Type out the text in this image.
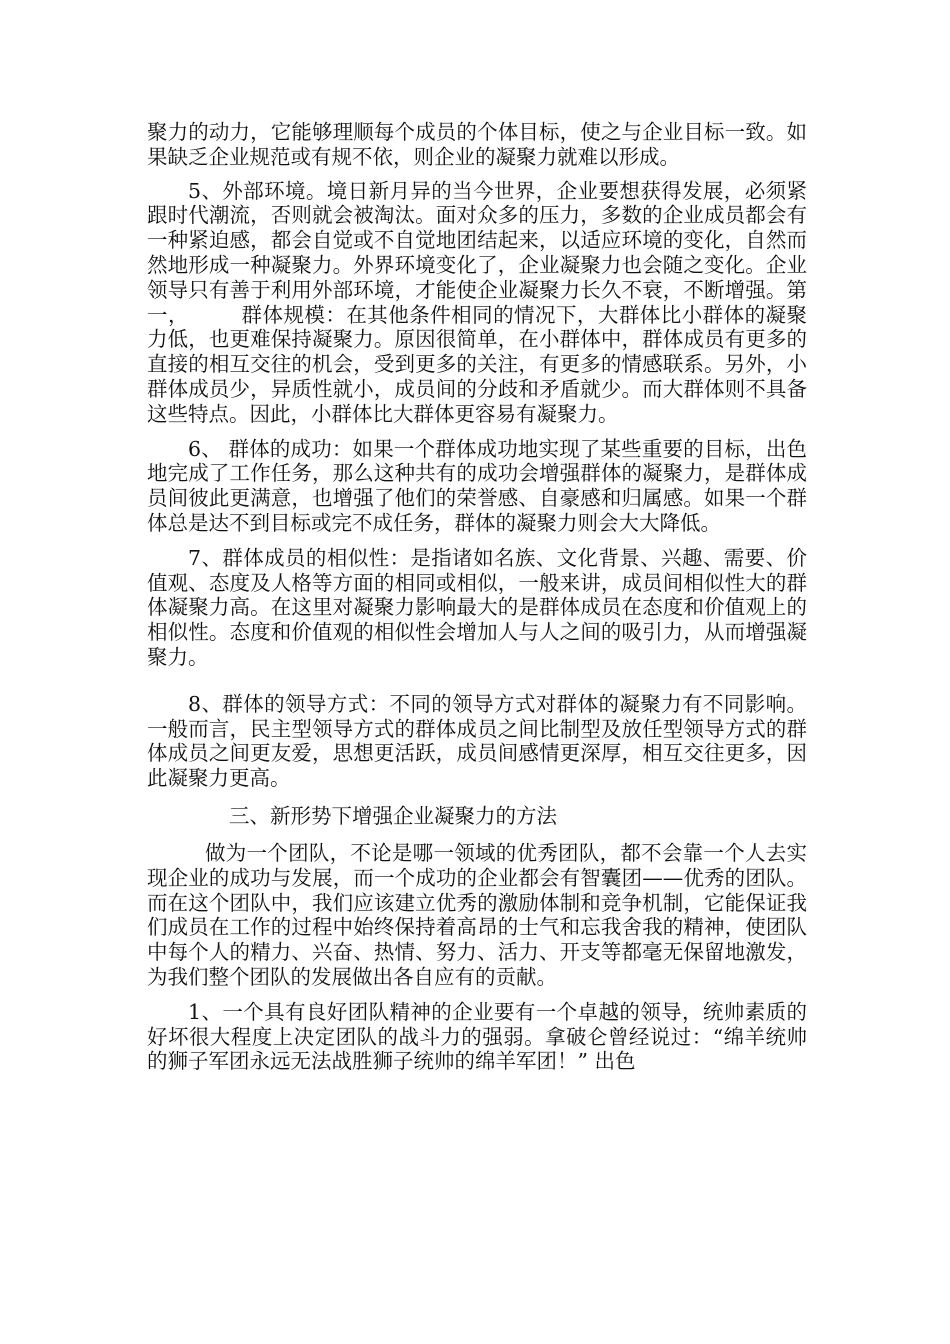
聚力的动力，它能够理顺每个成员的个体目标，使之与企业目标一致。如果缺乏企业规范或有规不依，则企业的凝聚力就难以形成。

5、外部环境。境日新月异的当今世界，企业要想获得发展，必须紧跟时代潮流，否则就会被淘汰。面对众多的压力，多数的企业成员都会有一种紧迫感，都会自觉或不自觉地团结起来，以适应环境的变化，自然而然地形成一种凝聚力。外界环境变化了，企业凝聚力也会随之变化。企业领导只有善于利用外部环境，才能使企业凝聚力长久不衰，不断增强。第一，　　　群体规模：在其他条件相同的情况下，大群体比小群体的凝聚力低，也更难保持凝聚力。原因很简单，在小群体中，群体成员有更多的直接的相互交往的机会，受到更多的关注，有更多的情感联系。另外，小群体成员少，异质性就小，成员间的分歧和矛盾就少。而大群体则不具备这些特点。因此，小群体比大群体更容易有凝聚力。

6、 群体的成功：如果一个群体成功地实现了某些重要的目标，出色地完成了工作任务，那么这种共有的成功会增强群体的凝聚力，是群体成员间彼此更满意，也增强了他们的荣誉感、自豪感和归属感。如果一个群体总是达不到目标或完不成任务，群体的凝聚力则会大大降低。

7、群体成员的相似性：是指诸如名族、文化背景、兴趣、需要、价值观、态度及人格等方面的相同或相似，一般来讲，成员间相似性大的群体凝聚力高。在这里对凝聚力影响最大的是群体成员在态度和价值观上的相似性。态度和价值观的相似性会增加人与人之间的吸引力，从而增强凝聚力。

8、群体的领导方式：不同的领导方式对群体的凝聚力有不同影响。一般而言，民主型领导方式的群体成员之间比制型及放任型领导方式的群体成员之间更友爱，思想更活跃，成员间感情更深厚，相互交往更多，因此凝聚力更高。

三、新形势下增强企业凝聚力的方法

做为一个团队，不论是哪一领域的优秀团队，都不会靠一个人去实现企业的成功与发展，而一个成功的企业都会有智囊团——优秀的团队。而在这个团队中，我们应该建立优秀的激励体制和竞争机制，它能保证我们成员在工作的过程中始终保持着高昂的士气和忘我舍我的精神，使团队中每个人的精力、兴奋、热情、努力、活力、开支等都毫无保留地激发，为我们整个团队的发展做出各自应有的贡献。

1、一个具有良好团队精神的企业要有一个卓越的领导，统帅素质的好坏很大程度上决定团队的战斗力的强弱。拿破仑曾经说过：“绵羊统帅的狮子军团永远无法战胜狮子统帅的绵羊军团！” 出色
